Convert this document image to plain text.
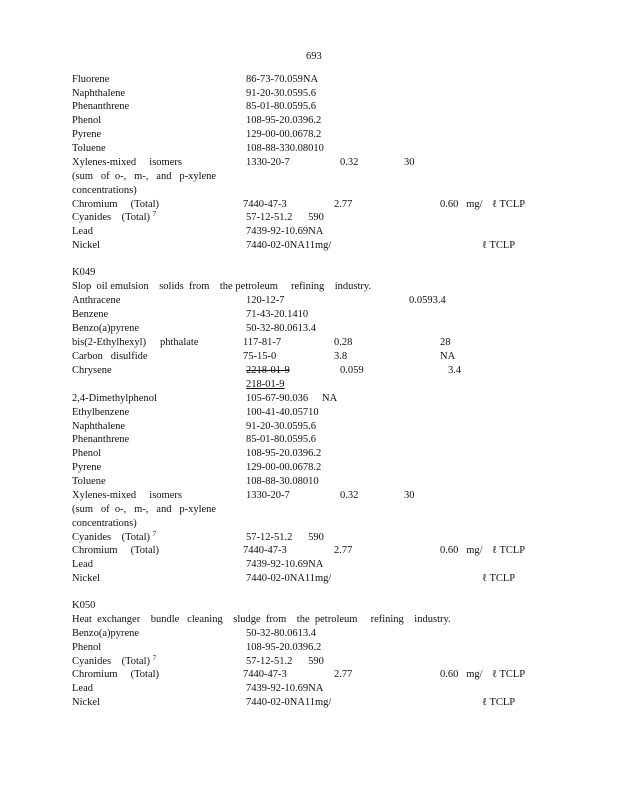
693
Fluorene	86-73-70.059NA
Naphthalene	91-20-30.0595.6
Phenanthrene	85-01-80.0595.6
Phenol	108-95-20.0396.2
Pyrene	129-00-00.0678.2
Toluene	108-88-330.08010
Xylenes-mixed     isomers	1330-20-7	0.32	30
(sum   of  o-,   m-,   and   p-xylene
concentrations)
Chromium     (Total)	7440-47-3	2.77	0.60   mg/ ℓ TCLP
Cyanides    (Total) $^7$	57-12-51.2      590
Lead	7439-92-10.69NA
Nickel	7440-02-0NA11mg/	ℓ TCLP
K049
Slop  oil emulsion    solids  from    the petroleum     refining    industry.
Anthracene	120-12-7	0.0593.4
Benzene	71-43-20.1410
Benzo(a)pyrene	50-32-80.0613.4
bis(2-Ethylhexyl) phthalate	117-81-7	0.28	28
Carbon   disulfide	75-15-0	3.8	NA
Chrysene	2218-01-9	0.059	3.4
218-01-9
2,4-Dimethylphenol	105-67-90.036 NA
Ethylbenzene	100-41-40.05710
Naphthalene	91-20-30.0595.6
Phenanthrene	85-01-80.0595.6
Phenol	108-95-20.0396.2
Pyrene	129-00-00.0678.2
Toluene	108-88-30.08010
Xylenes-mixed     isomers	1330-20-7	0.32	30
(sum   of  o-,   m-,   and   p-xylene
concentrations)
Cyanides    (Total) $^7$	57-12-51.2      590
Chromium     (Total)	7440-47-3	2.77	0.60   mg/ ℓ TCLP
Lead	7439-92-10.69NA
Nickel	7440-02-0NA11mg/	ℓ TCLP
K050
Heat  exchanger    bundle   cleaning    sludge  from    the  petroleum     refining    industry.
Benzo(a)pyrene	50-32-80.0613.4
Phenol	108-95-20.0396.2
Cyanides    (Total) $^7$	57-12-51.2      590
Chromium     (Total)	7440-47-3	2.77	0.60   mg/ ℓ TCLP
Lead	7439-92-10.69NA
Nickel	7440-02-0NA11mg/	ℓ TCLP
